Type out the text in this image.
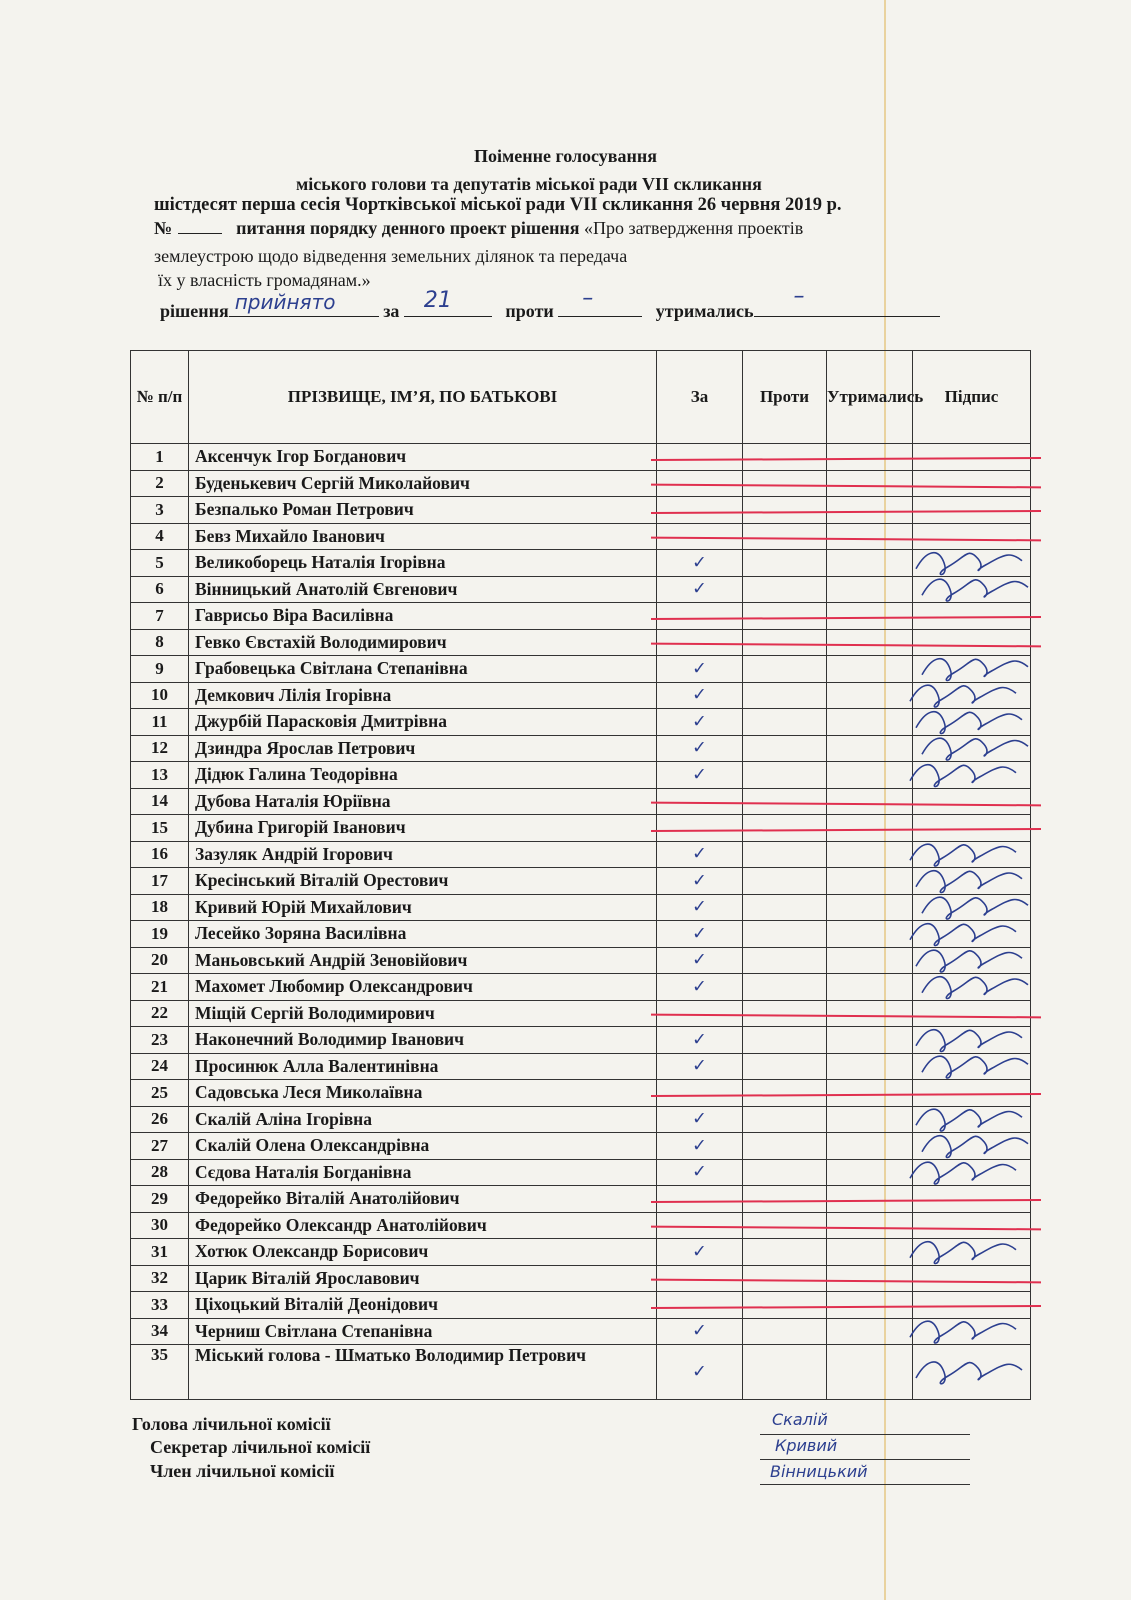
Поіменне голосування
міського голови та депутатів міської ради VII скликання
шістдесят перша сесія Чортківської міської ради VII скликання 26 червня 2019 р.
№	питання порядку денного проект рішення «Про затвердження проектів
землеустрою щодо відведення земельних ділянок та передача
їх у власність громадянам.»
рішення прийнято	за 21	проти –	утримались
–
№ п/п	ПРІЗВИЩЕ, ІМ’Я, ПО БАТЬКОВІ	За	Проти	Утримались	Підпис
1	Аксенчук Ігор Богданович				
2	Буденькевич Сергій Миколайович				
3	Безпалько Роман Петрович				
4	Бевз Михайло Іванович				
5	Великоборець Наталія Ігорівна	✓			
6	Вінницький Анатолій Євгенович	✓			
7	Гаврисьо Віра Василівна				
8	Гевко Євстахій Володимирович				
9	Грабовецька Світлана Степанівна	✓			
10	Демкович Лілія Ігорівна	✓			
11	Джурбій Парасковія Дмитрівна	✓			
12	Дзиндра Ярослав Петрович	✓			
13	Дідюк Галина Теодорівна	✓			
14	Дубова Наталія Юріївна				
15	Дубина Григорій Іванович				
16	Зазуляк Андрій Ігорович	✓			
17	Кресінський Віталій Орестович	✓			
18	Кривий Юрій Михайлович	✓			
19	Лесейко Зоряна Василівна	✓			
20	Маньовський Андрій Зеновійович	✓			
21	Махомет Любомир Олександрович	✓			
22	Міщій Сергій Володимирович				
23	Наконечний Володимир Іванович	✓			
24	Просинюк Алла Валентинівна	✓			
25	Садовська Леся Миколаївна				
26	Скалій Аліна Ігорівна	✓			
27	Скалій Олена Олександрівна	✓			
28	Сєдова Наталія Богданівна	✓			
29	Федорейко Віталій Анатолійович				
30	Федорейко Олександр Анатолійович				
31	Хотюк Олександр Борисович	✓			
32	Царик Віталій Ярославович				
33	Ціхоцький Віталій Деонідович				
34	Черниш Світлана Степанівна	✓			
35	Міський голова - Шматько Володимир Петрович	✓			
Голова лічильної комісії
Секретар лічильної комісії
Член лічильної комісії
Скалій
Кривий
Вінницький
